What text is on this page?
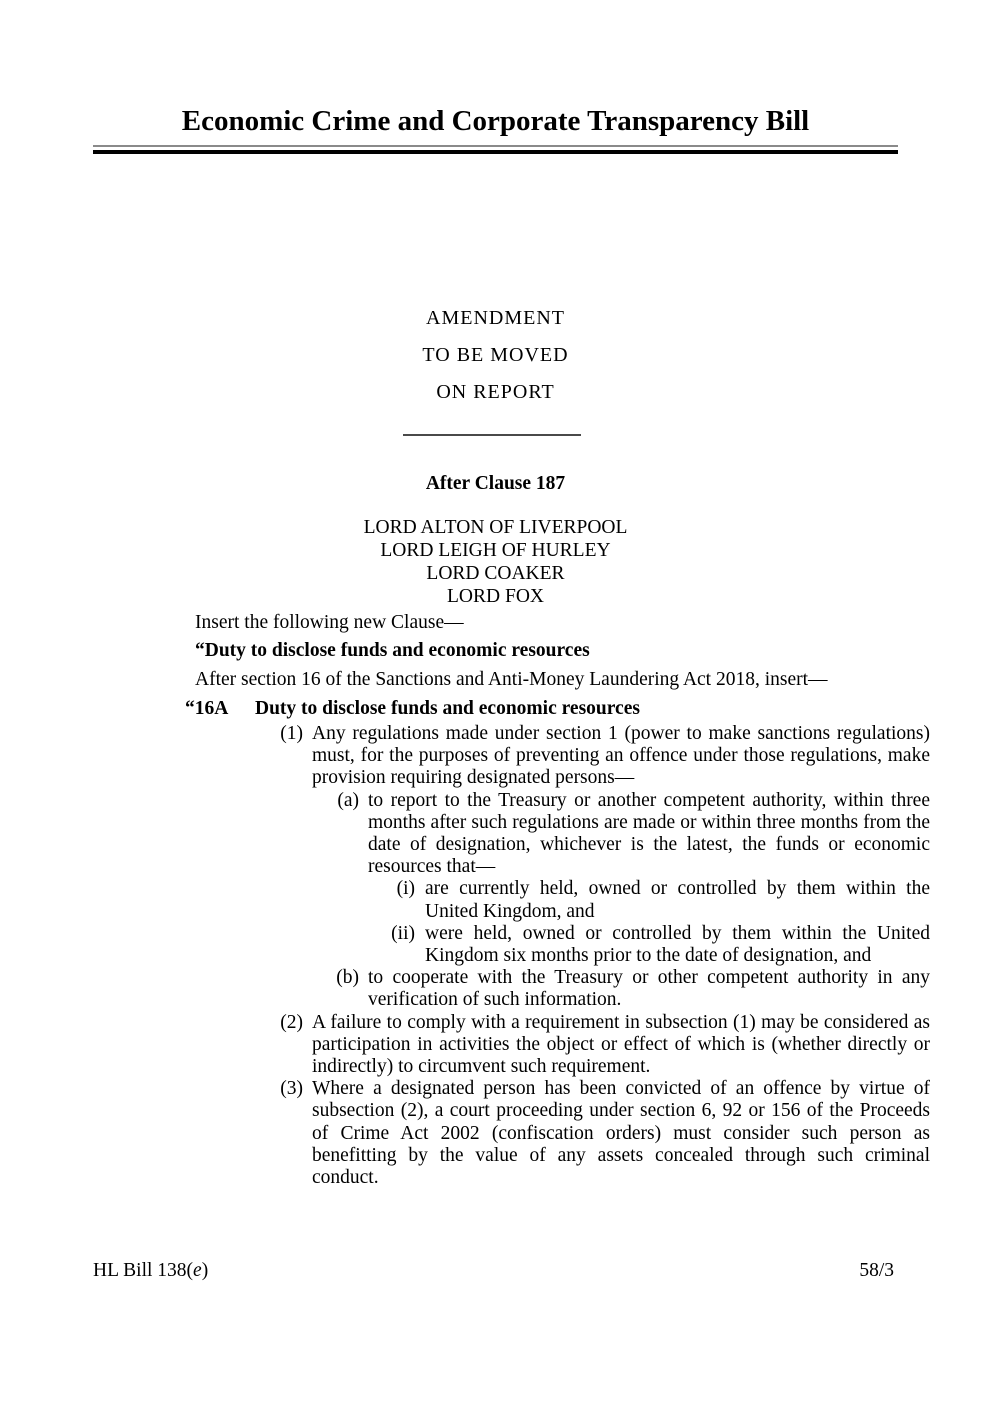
Economic Crime and Corporate Transparency Bill
AMENDMENT
TO BE MOVED
ON REPORT
After Clause 187
LORD ALTON OF LIVERPOOL
LORD LEIGH OF HURLEY
LORD COAKER
LORD FOX
Insert the following new Clause—
“Duty to disclose funds and economic resources
After section 16 of the Sanctions and Anti-Money Laundering Act 2018, insert—
“16A Duty to disclose funds and economic resources
(1) Any regulations made under section 1 (power to make sanctions regulations) must, for the purposes of preventing an offence under those regulations, make provision requiring designated persons—
(a) to report to the Treasury or another competent authority, within three months after such regulations are made or within three months from the date of designation, whichever is the latest, the funds or economic resources that—
(i) are currently held, owned or controlled by them within the United Kingdom, and
(ii) were held, owned or controlled by them within the United Kingdom six months prior to the date of designation, and
(b) to cooperate with the Treasury or other competent authority in any verification of such information.
(2) A failure to comply with a requirement in subsection (1) may be considered as participation in activities the object or effect of which is (whether directly or indirectly) to circumvent such requirement.
(3) Where a designated person has been convicted of an offence by virtue of subsection (2), a court proceeding under section 6, 92 or 156 of the Proceeds of Crime Act 2002 (confiscation orders) must consider such person as benefitting by the value of any assets concealed through such criminal conduct.
HL Bill 138(e)	58/3
